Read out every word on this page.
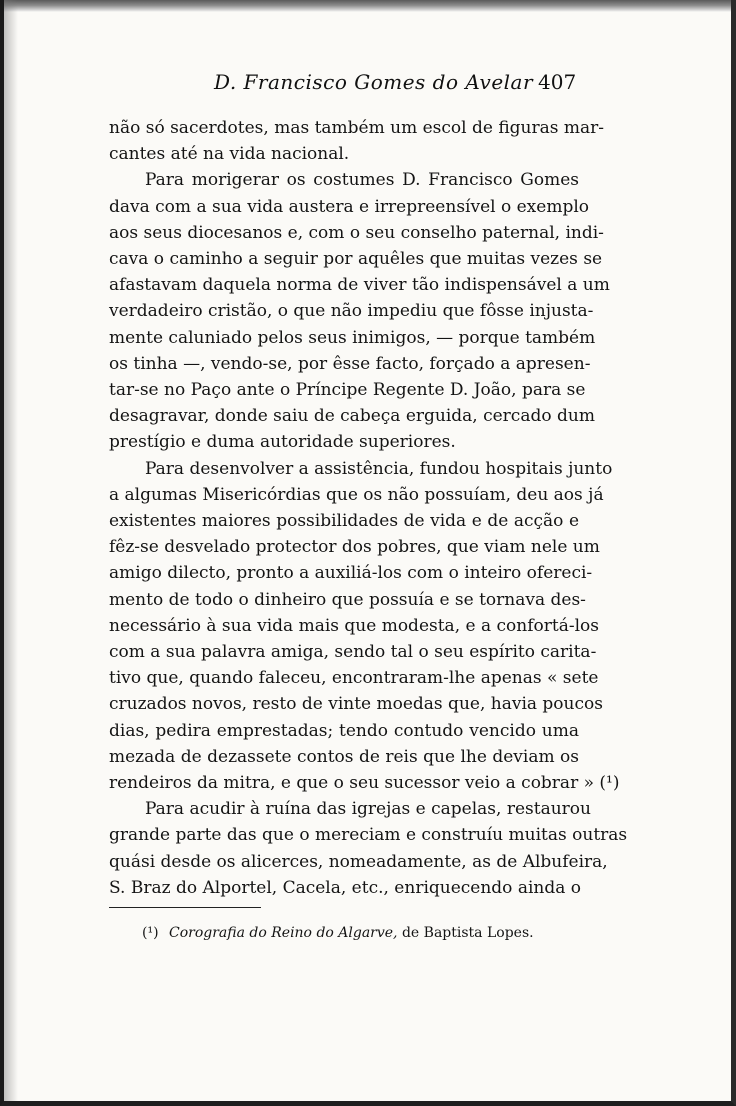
D. Francisco Gomes do Avelar 407
não só sacerdotes, mas também um escol de figuras mar-
cantes até na vida nacional.
Para morigerar os costumes D. Francisco Gomes
dava com a sua vida austera e irrepreensível o exemplo
aos seus diocesanos e, com o seu conselho paternal, indi-
cava o caminho a seguir por aquêles que muitas vezes se
afastavam daquela norma de viver tão indispensável a um
verdadeiro cristão, o que não impediu que fôsse injusta-
mente caluniado pelos seus inimigos, — porque também
os tinha —, vendo-se, por êsse facto, forçado a apresen-
tar-se no Paço ante o Príncipe Regente D. João, para se
desagravar, donde saiu de cabeça erguida, cercado dum
prestígio e duma autoridade superiores.
Para desenvolver a assistência, fundou hospitais junto
a algumas Misericórdias que os não possuíam, deu aos já
existentes maiores possibilidades de vida e de acção e
fêz-se desvelado protector dos pobres, que viam nele um
amigo dilecto, pronto a auxiliá-los com o inteiro ofereci-
mento de todo o dinheiro que possuía e se tornava des-
necessário à sua vida mais que modesta, e a confortá-los
com a sua palavra amiga, sendo tal o seu espírito carita-
tivo que, quando faleceu, encontraram-lhe apenas « sete
cruzados novos, resto de vinte moedas que, havia poucos
dias, pedira emprestadas; tendo contudo vencido uma
mezada de dezassete contos de reis que lhe deviam os
rendeiros da mitra, e que o seu sucessor veio a cobrar » (¹)
Para acudir à ruína das igrejas e capelas, restaurou
grande parte das que o mereciam e construíu muitas outras
quási desde os alicerces, nomeadamente, as de Albufeira,
S. Braz do Alportel, Cacela, etc., enriquecendo ainda o
(¹) Corografia do Reino do Algarve, de Baptista Lopes.
